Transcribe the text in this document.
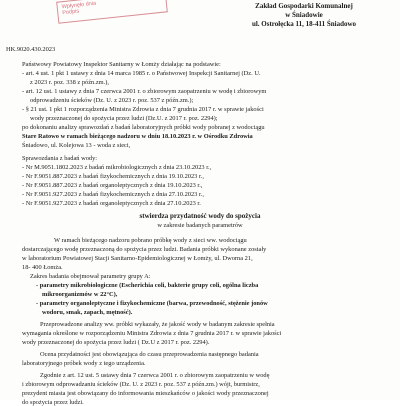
Wpłynęło dnia
Podpis
Zakład Gospodarki Komunalnej
w Śniadowie
ul. Ostrołęcka 11, 18-411 Śniadowo
HK.9020.430.2023
Państwowy Powiatowy Inspektor Sanitarny w Łomży działając na podstawie:
- art. 4 ust. 1 pkt 1 ustawy z dnia 14 marca 1985 r. o Państwowej Inspekcji Sanitarnej (Dz. U.
z 2023 r. poz. 338 z późn.zm.),
- art. 12 ust. 1 ustawy z dnia 7 czerwca 2001 r. o zbiorowym zaopatrzeniu w wodę i zbiorowym
odprowadzeniu ścieków (Dz. U. z 2023 r. poz. 537 z późn.zm.);
- § 21 ust. 1 pkt 1 rozporządzenia Ministra Zdrowia z dnia 7 grudnia 2017 r. w sprawie jakości
wody przeznaczonej do spożycia przez ludzi (Dz.U. z 2017 r. poz. 2294);
po dokonaniu analizy sprawozdań z badań laboratoryjnych próbki wody pobranej z wodociągu
Stare Ratowo w ramach bieżącego nadzoru w dniu 18.10.2023 r. w Ośrodku Zdrowia
Śniadowo, ul. Kolejowa 13 - woda z sieci,
Sprawozdania z badań wody:
- Nr M.9051.1802.2023 z badań mikrobiologicznych z dnia 23.10.2023 r.,
- Nr F.9051.887.2023 z badań fizykochemicznych z dnia 19.10.2023 r.,
- Nr F.9051.887.2023 z badań organoleptycznych z dnia 19.10.2023 r.,
- Nr F.9051.927.2023 z badań fizykochemicznych z dnia 27.10.2023 r.,
- Nr F.9051.927.2023 z badań organoleptycznych z dnia 27.10.2023 r.
stwierdza przydatność wody do spożycia
w zakresie badanych parametrów
W ramach bieżącego nadzoru pobrano próbkę wody z sieci ww. wodociągu
dostarczającego wodę przeznaczoną do spożycia przez ludzi. Badania próbki wykonane zostały
w laboratorium Powiatowej Stacji Sanitarno-Epidemiologicznej w Łomży, ul. Dworna 21,
18- 400 Łomża.
Zakres badania obejmował parametry grupy A:
- parametry mikrobiologiczne (Escherichia coli, bakterie grupy coli, ogólna liczba
mikroorganizmów w 22°C),
- parametry organoleptyczne i fizykochemiczne (barwa, przewodność, stężenie jonów
wodoru, smak, zapach, mętność).
Przeprowadzone analizy ww. próbki wykazały, że jakość wody w badanym zakresie spełnia
wymagania określone w rozporządzeniu Ministra Zdrowia z dnia 7 grudnia 2017 r. w sprawie jakości
wody przeznaczonej do spożycia przez ludzi ( Dz.U z 2017 r. poz. 2294).
Ocena przydatności jest obowiązująca do czasu przeprowadzenia następnego badania
laboratoryjnego próbek wody z tego urządzenia.
Zgodnie z art. 12 ust. 5 ustawy dnia 7 czerwca 2001 r. o zbiorowym zaopatrzeniu w wodę
i zbiorowym odprowadzaniu ścieków (Dz. U. z 2023 r. poz. 537 z późn.zm.) wójt, burmistrz,
prezydent miasta jest obowiązany do informowania mieszkańców o jakości wody przeznaczonej
do spożycia przez ludzi.
